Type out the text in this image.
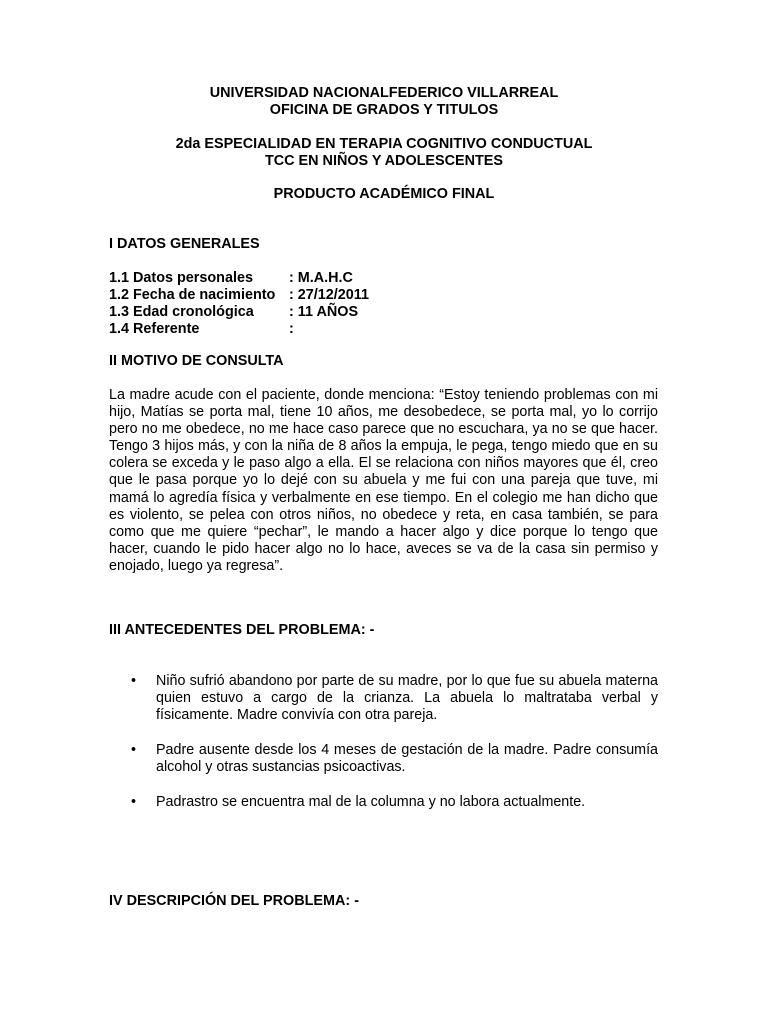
UNIVERSIDAD NACIONALFEDERICO VILLARREAL
OFICINA DE GRADOS Y TITULOS
2da ESPECIALIDAD EN TERAPIA COGNITIVO CONDUCTUAL
TCC EN NIÑOS Y ADOLESCENTES
PRODUCTO ACADÉMICO FINAL
I DATOS GENERALES
1.1 Datos personales	: M.A.H.C
1.2 Fecha de nacimiento : 27/12/2011
1.3 Edad cronológica	: 11 AÑOS
1.4 Referente	:
II MOTIVO DE CONSULTA
La madre acude con el paciente, donde menciona: “Estoy teniendo problemas con mi hijo, Matías se porta mal, tiene 10 años, me desobedece, se porta mal, yo lo corrijo pero no me obedece, no me hace caso parece que no escuchara, ya no se que hacer. Tengo 3 hijos más, y con la niña de 8 años la empuja, le pega, tengo miedo que en su colera se exceda y le paso algo a ella. El se relaciona con niños mayores que él, creo que le pasa porque yo lo dejé con su abuela y me fui con una pareja que tuve, mi mamá lo agredía física y verbalmente en ese tiempo. En el colegio me han dicho que es violento, se pelea con otros niños, no obedece y reta, en casa también, se para como que me quiere “pechar”, le mando a hacer algo y dice porque lo tengo que hacer, cuando le pido hacer algo no lo hace, aveces se va de la casa sin permiso y enojado, luego ya regresa”.
III ANTECEDENTES DEL PROBLEMA: -
• Niño sufrió abandono por parte de su madre, por lo que fue su abuela materna quien estuvo a cargo de la crianza. La abuela lo maltrataba verbal y físicamente. Madre convivía con otra pareja.
• Padre ausente desde los 4 meses de gestación de la madre. Padre consumía alcohol y otras sustancias psicoactivas.
• Padrastro se encuentra mal de la columna y no labora actualmente.
IV DESCRIPCIÓN DEL PROBLEMA: -
